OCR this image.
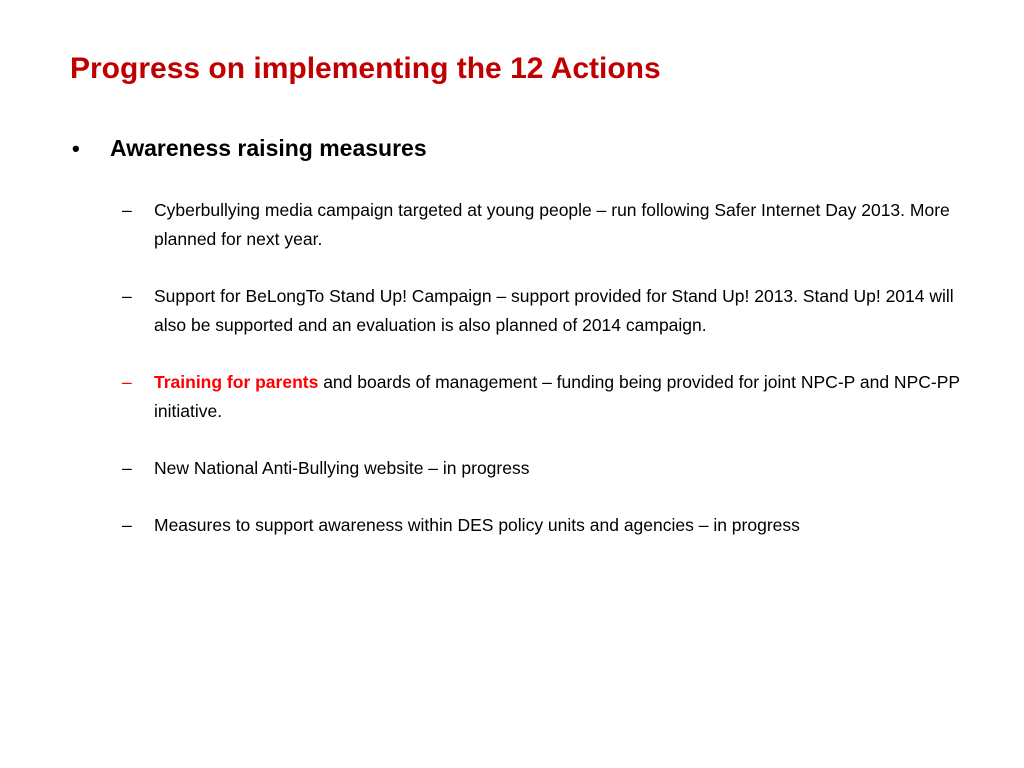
Progress on implementing the 12 Actions
•	Awareness raising measures
–	Cyberbullying media campaign targeted at young people – run following Safer Internet Day 2013. More planned for next year.
–	Support for BeLongTo Stand Up! Campaign – support provided for Stand Up! 2013. Stand Up! 2014 will also be supported and an evaluation is also planned of 2014 campaign.
–	Training for parents and boards of management – funding being provided for joint NPC-P and NPC-PP initiative.
–	New National Anti-Bullying website – in progress
–	Measures to support awareness within DES policy units and agencies – in progress
